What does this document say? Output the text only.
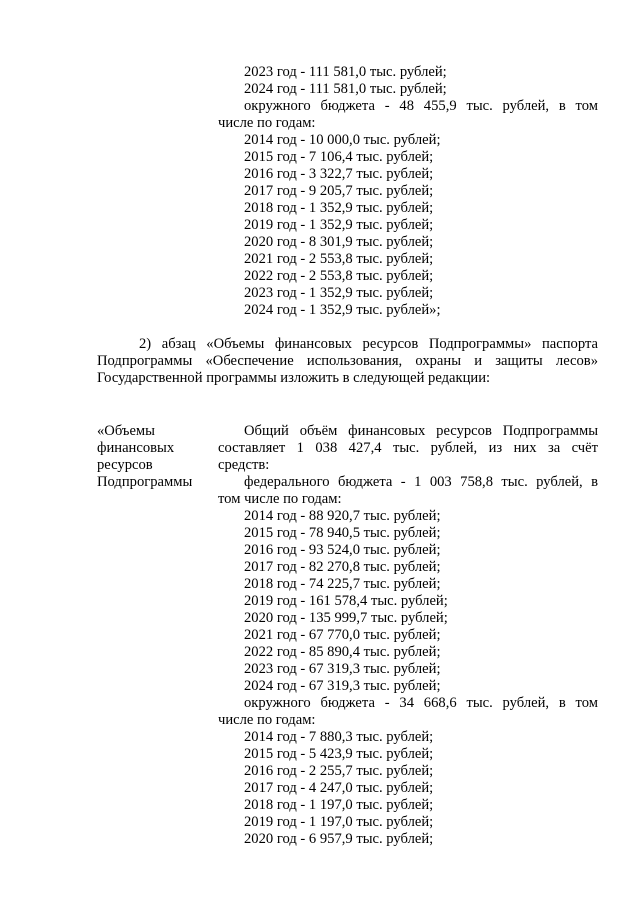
2023 год - 111 581,0 тыс. рублей;
2024 год - 111 581,0 тыс. рублей;
окружного бюджета - 48 455,9 тыс. рублей, в том
числе по годам:
2014 год - 10 000,0 тыс. рублей;
2015 год - 7 106,4 тыс. рублей;
2016 год - 3 322,7 тыс. рублей;
2017 год - 9 205,7 тыс. рублей;
2018 год - 1 352,9 тыс. рублей;
2019 год - 1 352,9 тыс. рублей;
2020 год - 8 301,9 тыс. рублей;
2021 год - 2 553,8 тыс. рублей;
2022 год - 2 553,8 тыс. рублей;
2023 год - 1 352,9 тыс. рублей;
2024 год - 1 352,9 тыс. рублей»;
2) абзац «Объемы финансовых ресурсов Подпрограммы» паспорта
Подпрограммы «Обеспечение использования, охраны и защиты лесов»
Государственной программы изложить в следующей редакции:
«Объемы
финансовых
ресурсов
Подпрограммы
Общий объём финансовых ресурсов Подпрограммы
составляет 1 038 427,4 тыс. рублей, из них за счёт
средств:
федерального бюджета - 1 003 758,8 тыс. рублей, в
том числе по годам:
2014 год - 88 920,7 тыс. рублей;
2015 год - 78 940,5 тыс. рублей;
2016 год - 93 524,0 тыс. рублей;
2017 год - 82 270,8 тыс. рублей;
2018 год - 74 225,7 тыс. рублей;
2019 год - 161 578,4 тыс. рублей;
2020 год - 135 999,7 тыс. рублей;
2021 год - 67 770,0 тыс. рублей;
2022 год - 85 890,4 тыс. рублей;
2023 год - 67 319,3 тыс. рублей;
2024 год - 67 319,3 тыс. рублей;
окружного бюджета - 34 668,6 тыс. рублей, в том
числе по годам:
2014 год - 7 880,3 тыс. рублей;
2015 год - 5 423,9 тыс. рублей;
2016 год - 2 255,7 тыс. рублей;
2017 год - 4 247,0 тыс. рублей;
2018 год - 1 197,0 тыс. рублей;
2019 год - 1 197,0 тыс. рублей;
2020 год - 6 957,9 тыс. рублей;
